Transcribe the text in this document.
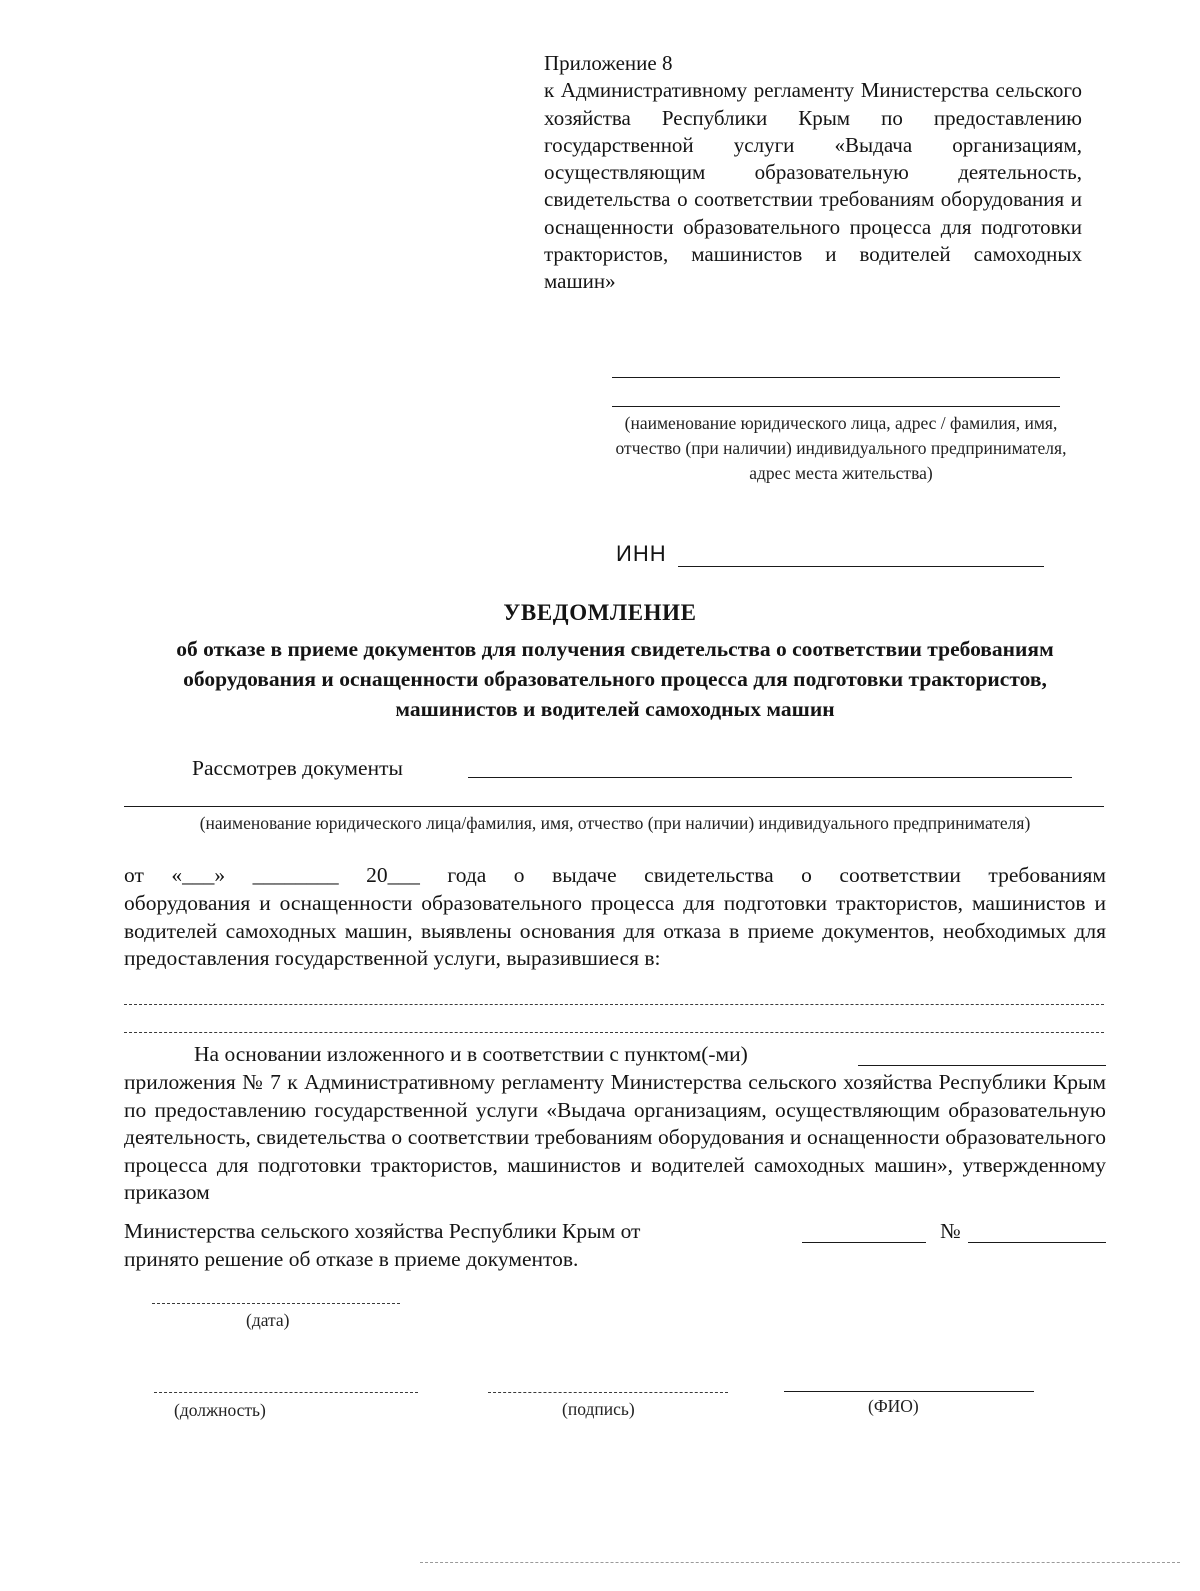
Приложение 8
к Административному регламенту Министерства сельского хозяйства Республики Крым по предоставлению государственной услуги «Выдача организациям, осуществляющим образовательную деятельность, свидетельства о соответствии требованиям оборудования и оснащенности образовательного процесса для подготовки трактористов, машинистов и водителей самоходных машин»
(наименование юридического лица, адрес / фамилия, имя, отчество (при наличии) индивидуального предпринимателя, адрес места жительства)
ИНН
УВЕДОМЛЕНИЕ
об отказе в приеме документов для получения свидетельства о соответствии требованиям оборудования и оснащенности образовательного процесса для подготовки трактористов, машинистов и водителей самоходных машин
Рассмотрев документы
(наименование юридического лица/фамилия, имя, отчество (при наличии) индивидуального предпринимателя)
от «___» ________ 20___ года о выдаче свидетельства о соответствии требованиям
оборудования и оснащенности образовательного процесса для подготовки трактористов, машинистов и водителей самоходных машин, выявлены основания для отказа в приеме документов, необходимых для предоставления государственной услуги, выразившиеся в:
На основании изложенного и в соответствии с пунктом(-ми)
приложения № 7 к Административному регламенту Министерства сельского хозяйства Республики Крым по предоставлению государственной услуги «Выдача организациям, осуществляющим образовательную деятельность, свидетельства о соответствии требованиям оборудования и оснащенности образовательного процесса для подготовки трактористов, машинистов и водителей самоходных машин», утвержденному приказом
Министерства сельского хозяйства Республики Крым от	№
принято решение об отказе в приеме документов.
(дата)
(должность)	(подпись)	(ФИО)
